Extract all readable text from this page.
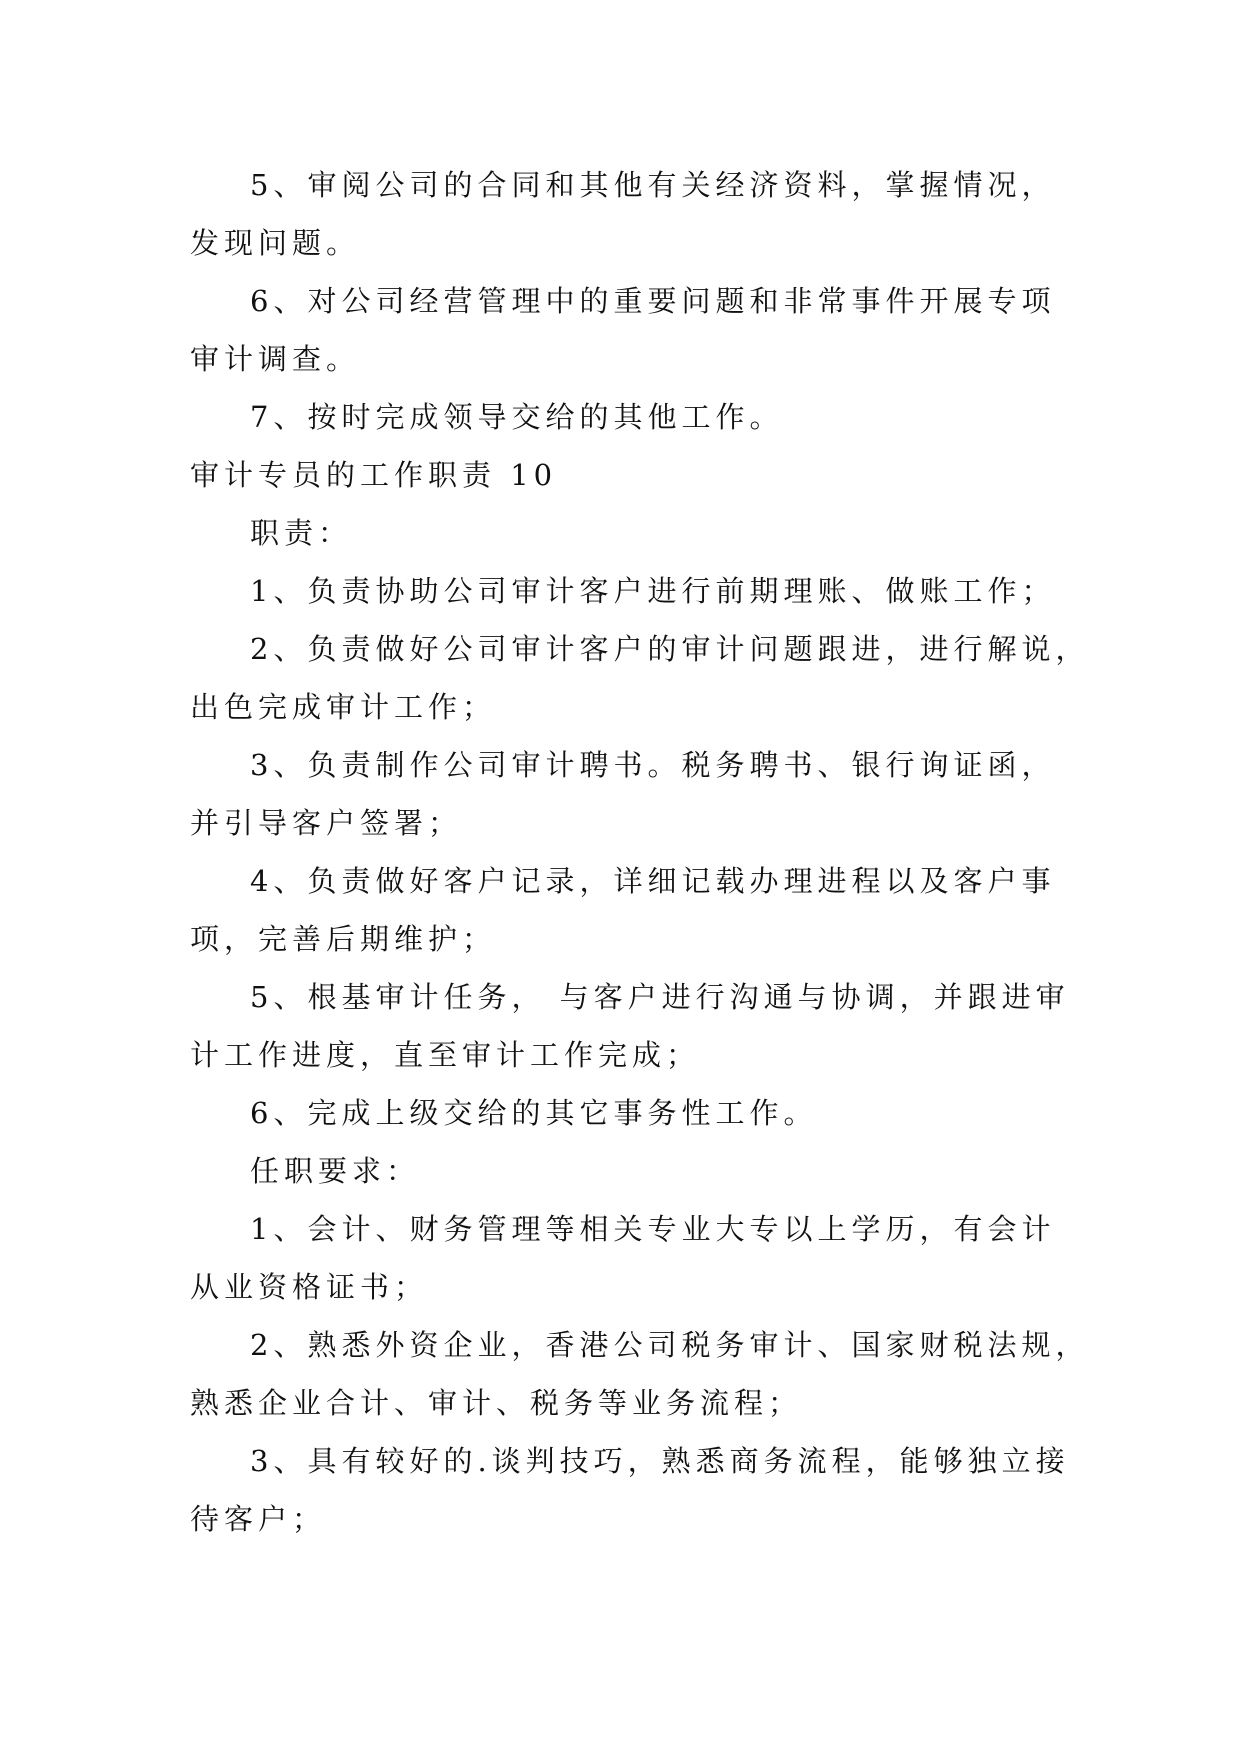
5、审阅公司的合同和其他有关经济资料，掌握情况，
发现问题。
6、对公司经营管理中的重要问题和非常事件开展专项
审计调查。
7、按时完成领导交给的其他工作。
审计专员的工作职责 10
职责：
1、负责协助公司审计客户进行前期理账、做账工作；
2、负责做好公司审计客户的审计问题跟进，进行解说，
出色完成审计工作；
3、负责制作公司审计聘书。税务聘书、银行询证函，
并引导客户签署；
4、负责做好客户记录，详细记载办理进程以及客户事
项，完善后期维护；
5、根基审计任务， 与客户进行沟通与协调，并跟进审
计工作进度，直至审计工作完成；
6、完成上级交给的其它事务性工作。
任职要求：
1、会计、财务管理等相关专业大专以上学历，有会计
从业资格证书；
2、熟悉外资企业，香港公司税务审计、国家财税法规，
熟悉企业合计、审计、税务等业务流程；
3、具有较好的.谈判技巧，熟悉商务流程，能够独立接
待客户；
